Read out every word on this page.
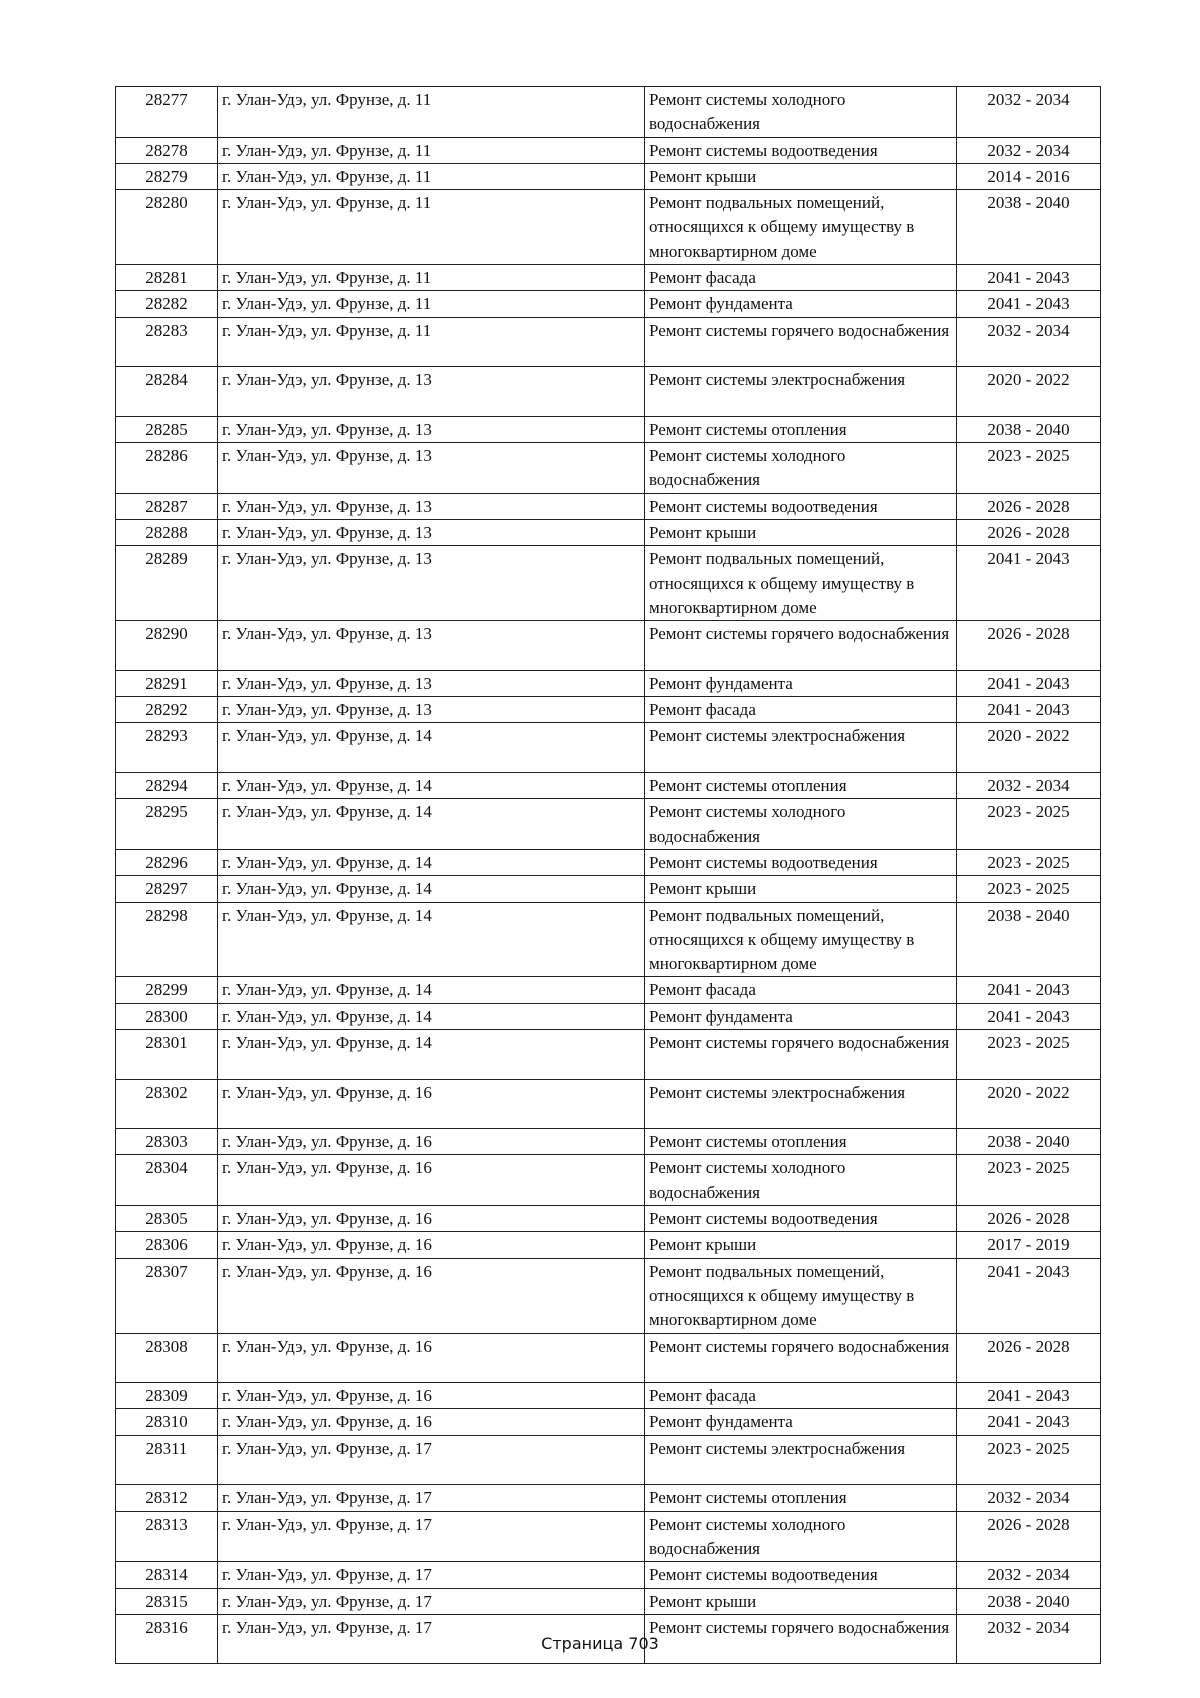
28277	г. Улан-Удэ, ул. Фрунзе, д. 11	Ремонт системы холодного водоснабжения	2032 - 2034
28278	г. Улан-Удэ, ул. Фрунзе, д. 11	Ремонт системы водоотведения	2032 - 2034
28279	г. Улан-Удэ, ул. Фрунзе, д. 11	Ремонт крыши	2014 - 2016
28280	г. Улан-Удэ, ул. Фрунзе, д. 11	Ремонт подвальных помещений, относящихся к общему имуществу в многоквартирном доме	2038 - 2040
28281	г. Улан-Удэ, ул. Фрунзе, д. 11	Ремонт фасада	2041 - 2043
28282	г. Улан-Удэ, ул. Фрунзе, д. 11	Ремонт фундамента	2041 - 2043
28283	г. Улан-Удэ, ул. Фрунзе, д. 11	Ремонт системы горячего водоснабжения	2032 - 2034
28284	г. Улан-Удэ, ул. Фрунзе, д. 13	Ремонт системы электроснабжения	2020 - 2022
28285	г. Улан-Удэ, ул. Фрунзе, д. 13	Ремонт системы отопления	2038 - 2040
28286	г. Улан-Удэ, ул. Фрунзе, д. 13	Ремонт системы холодного водоснабжения	2023 - 2025
28287	г. Улан-Удэ, ул. Фрунзе, д. 13	Ремонт системы водоотведения	2026 - 2028
28288	г. Улан-Удэ, ул. Фрунзе, д. 13	Ремонт крыши	2026 - 2028
28289	г. Улан-Удэ, ул. Фрунзе, д. 13	Ремонт подвальных помещений, относящихся к общему имуществу в многоквартирном доме	2041 - 2043
28290	г. Улан-Удэ, ул. Фрунзе, д. 13	Ремонт системы горячего водоснабжения	2026 - 2028
28291	г. Улан-Удэ, ул. Фрунзе, д. 13	Ремонт фундамента	2041 - 2043
28292	г. Улан-Удэ, ул. Фрунзе, д. 13	Ремонт фасада	2041 - 2043
28293	г. Улан-Удэ, ул. Фрунзе, д. 14	Ремонт системы электроснабжения	2020 - 2022
28294	г. Улан-Удэ, ул. Фрунзе, д. 14	Ремонт системы отопления	2032 - 2034
28295	г. Улан-Удэ, ул. Фрунзе, д. 14	Ремонт системы холодного водоснабжения	2023 - 2025
28296	г. Улан-Удэ, ул. Фрунзе, д. 14	Ремонт системы водоотведения	2023 - 2025
28297	г. Улан-Удэ, ул. Фрунзе, д. 14	Ремонт крыши	2023 - 2025
28298	г. Улан-Удэ, ул. Фрунзе, д. 14	Ремонт подвальных помещений, относящихся к общему имуществу в многоквартирном доме	2038 - 2040
28299	г. Улан-Удэ, ул. Фрунзе, д. 14	Ремонт фасада	2041 - 2043
28300	г. Улан-Удэ, ул. Фрунзе, д. 14	Ремонт фундамента	2041 - 2043
28301	г. Улан-Удэ, ул. Фрунзе, д. 14	Ремонт системы горячего водоснабжения	2023 - 2025
28302	г. Улан-Удэ, ул. Фрунзе, д. 16	Ремонт системы электроснабжения	2020 - 2022
28303	г. Улан-Удэ, ул. Фрунзе, д. 16	Ремонт системы отопления	2038 - 2040
28304	г. Улан-Удэ, ул. Фрунзе, д. 16	Ремонт системы холодного водоснабжения	2023 - 2025
28305	г. Улан-Удэ, ул. Фрунзе, д. 16	Ремонт системы водоотведения	2026 - 2028
28306	г. Улан-Удэ, ул. Фрунзе, д. 16	Ремонт крыши	2017 - 2019
28307	г. Улан-Удэ, ул. Фрунзе, д. 16	Ремонт подвальных помещений, относящихся к общему имуществу в многоквартирном доме	2041 - 2043
28308	г. Улан-Удэ, ул. Фрунзе, д. 16	Ремонт системы горячего водоснабжения	2026 - 2028
28309	г. Улан-Удэ, ул. Фрунзе, д. 16	Ремонт фасада	2041 - 2043
28310	г. Улан-Удэ, ул. Фрунзе, д. 16	Ремонт фундамента	2041 - 2043
28311	г. Улан-Удэ, ул. Фрунзе, д. 17	Ремонт системы электроснабжения	2023 - 2025
28312	г. Улан-Удэ, ул. Фрунзе, д. 17	Ремонт системы отопления	2032 - 2034
28313	г. Улан-Удэ, ул. Фрунзе, д. 17	Ремонт системы холодного водоснабжения	2026 - 2028
28314	г. Улан-Удэ, ул. Фрунзе, д. 17	Ремонт системы водоотведения	2032 - 2034
28315	г. Улан-Удэ, ул. Фрунзе, д. 17	Ремонт крыши	2038 - 2040
28316	г. Улан-Удэ, ул. Фрунзе, д. 17	Ремонт системы горячего водоснабжения	2032 - 2034
Страница 703
